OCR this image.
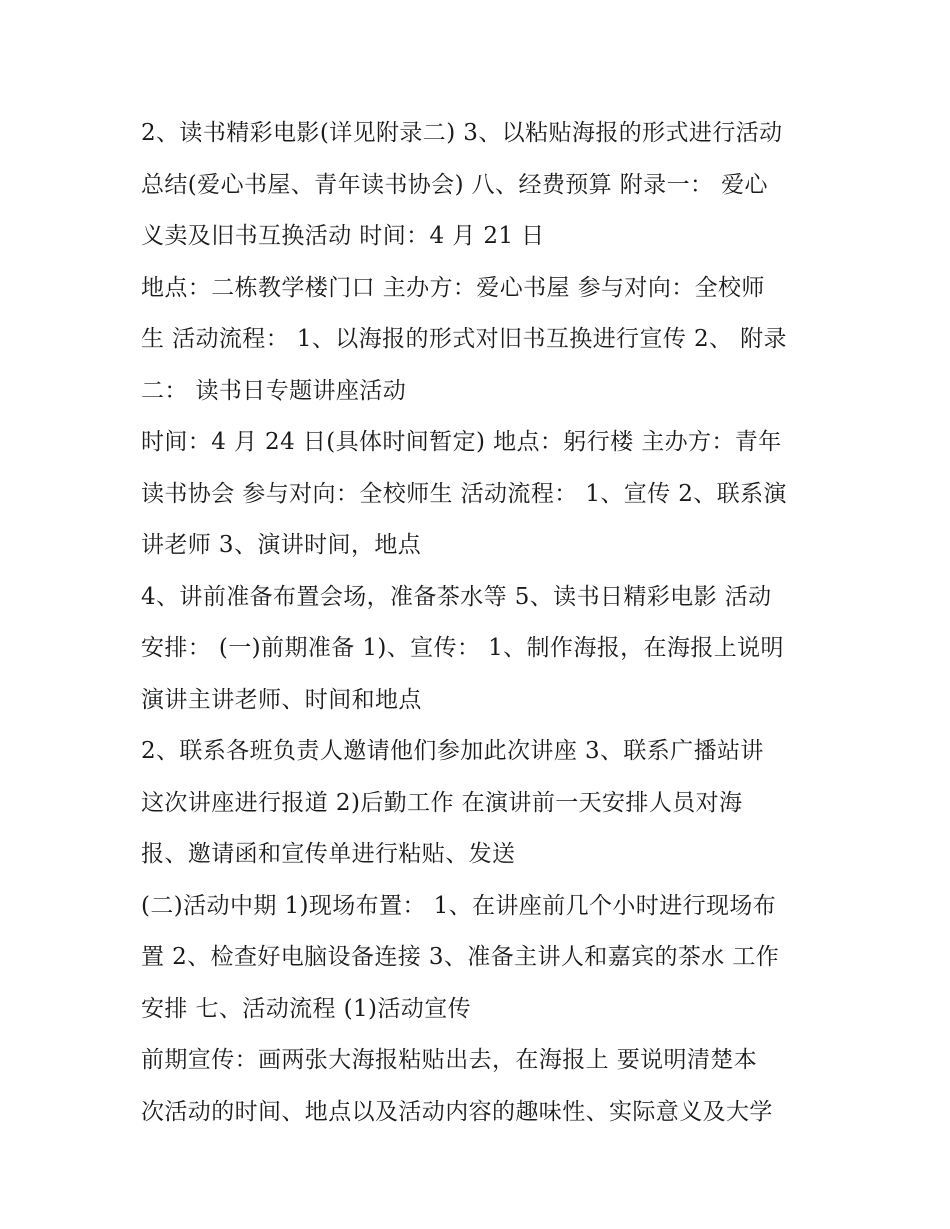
2、读书精彩电影(详见附录二) 3、以粘贴海报的形式进行活动
总结(爱心书屋、青年读书协会) 八、经费预算 附录一： 爱心
义卖及旧书互换活动 时间：4 月 21 日
地点：二栋教学楼门口 主办方：爱心书屋 参与对向：全校师
生 活动流程： 1、以海报的形式对旧书互换进行宣传 2、 附录
二： 读书日专题讲座活动
时间：4 月 24 日(具体时间暂定) 地点：躬行楼 主办方：青年
读书协会 参与对向：全校师生 活动流程： 1、宣传 2、联系演
讲老师 3、演讲时间，地点
4、讲前准备布置会场，准备茶水等 5、读书日精彩电影 活动
安排： (一)前期准备 1)、宣传： 1、制作海报，在海报上说明
演讲主讲老师、时间和地点
2、联系各班负责人邀请他们参加此次讲座 3、联系广播站讲
这次讲座进行报道 2)后勤工作 在演讲前一天安排人员对海
报、邀请函和宣传单进行粘贴、发送
(二)活动中期 1)现场布置： 1、在讲座前几个小时进行现场布
置 2、检查好电脑设备连接 3、准备主讲人和嘉宾的茶水 工作
安排 七、活动流程 (1)活动宣传
前期宣传：画两张大海报粘贴出去，在海报上 要说明清楚本
次活动的时间、地点以及活动内容的趣味性、实际意义及大学
